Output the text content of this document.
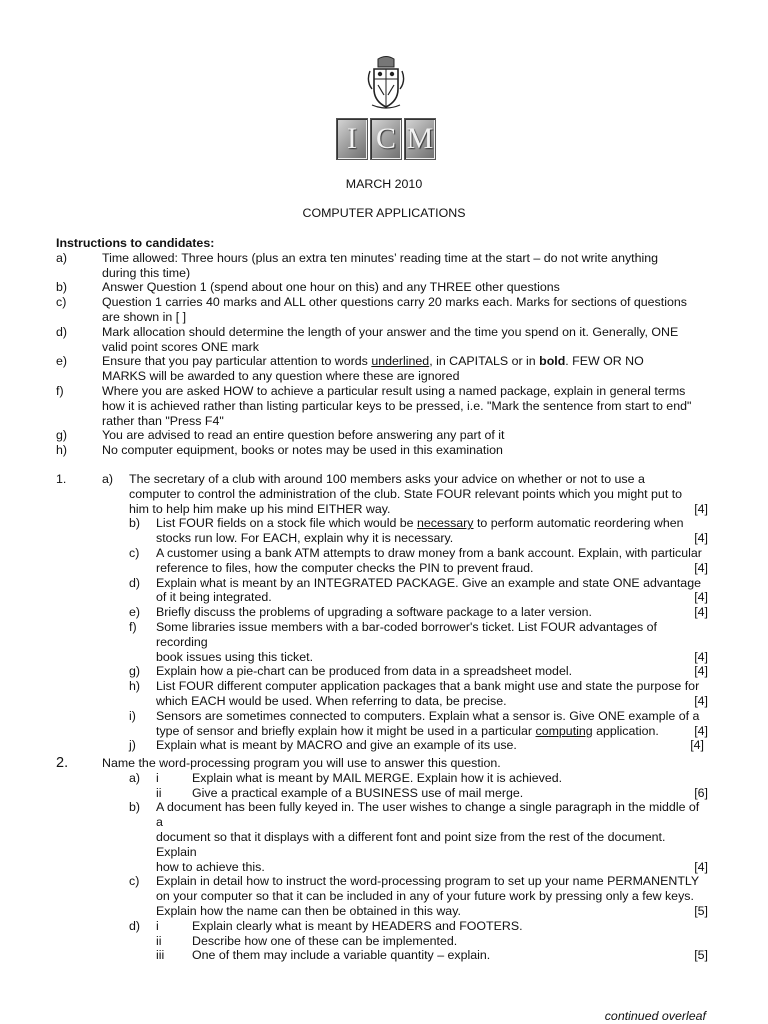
I C M
MARCH 2010
COMPUTER APPLICATIONS
Instructions to candidates:
a)	Time allowed: Three hours (plus an extra ten minutes’ reading time at the start – do not write anything
during this time)
b)	Answer Question 1 (spend about one hour on this) and any THREE other questions
c)	Question 1 carries 40 marks and ALL other questions carry 20 marks each. Marks for sections of questions
are shown in [ ]
d)	Mark allocation should determine the length of your answer and the time you spend on it. Generally, ONE
valid point scores ONE mark
e)	Ensure that you pay particular attention to words underlined, in CAPITALS or in bold. FEW OR NO
MARKS will be awarded to any question where these are ignored
f)	Where you are asked HOW to achieve a particular result using a named package, explain in general terms
how it is achieved rather than listing particular keys to be pressed, i.e. "Mark the sentence from start to end"
rather than "Press F4"
g)	You are advised to read an entire question before answering any part of it
h)	No computer equipment, books or notes may be used in this examination
1.	a)	The secretary of a club with around 100 members asks your advice on whether or not to use a
computer to control the administration of the club. State FOUR relevant points which you might put to
him to help him make up his mind EITHER way.	[4]
b)	List FOUR fields on a stock file which would be necessary to perform automatic reordering when
stocks run low. For EACH, explain why it is necessary.	[4]
c)	A customer using a bank ATM attempts to draw money from a bank account. Explain, with particular
reference to files, how the computer checks the PIN to prevent fraud.	[4]
d)	Explain what is meant by an INTEGRATED PACKAGE. Give an example and state ONE advantage
of it being integrated.	[4]
e)	Briefly discuss the problems of upgrading a software package to a later version.	[4]
f)	Some libraries issue members with a bar-coded borrower's ticket. List FOUR advantages of recording
book issues using this ticket.	[4]
g)	Explain how a pie-chart can be produced from data in a spreadsheet model.	[4]
h)	List FOUR different computer application packages that a bank might use and state the purpose for
which EACH would be used. When referring to data, be precise.	[4]
i)	Sensors are sometimes connected to computers. Explain what a sensor is. Give ONE example of a
type of sensor and briefly explain how it might be used in a particular computing application.	[4]
j)	Explain what is meant by MACRO and give an example of its use.	[4]
2.	Name the word-processing program you will use to answer this question.
a)	i	Explain what is meant by MAIL MERGE. Explain how it is achieved.
ii	Give a practical example of a BUSINESS use of mail merge.	[6]
b)	A document has been fully keyed in. The user wishes to change a single paragraph in the middle of a
document so that it displays with a different font and point size from the rest of the document. Explain
how to achieve this.	[4]
c)	Explain in detail how to instruct the word-processing program to set up your name PERMANENTLY
on your computer so that it can be included in any of your future work by pressing only a few keys.
Explain how the name can then be obtained in this way.	[5]
d)	i	Explain clearly what is meant by HEADERS and FOOTERS.
ii	Describe how one of these can be implemented.
iii	One of them may include a variable quantity – explain.	[5]
continued overleaf
